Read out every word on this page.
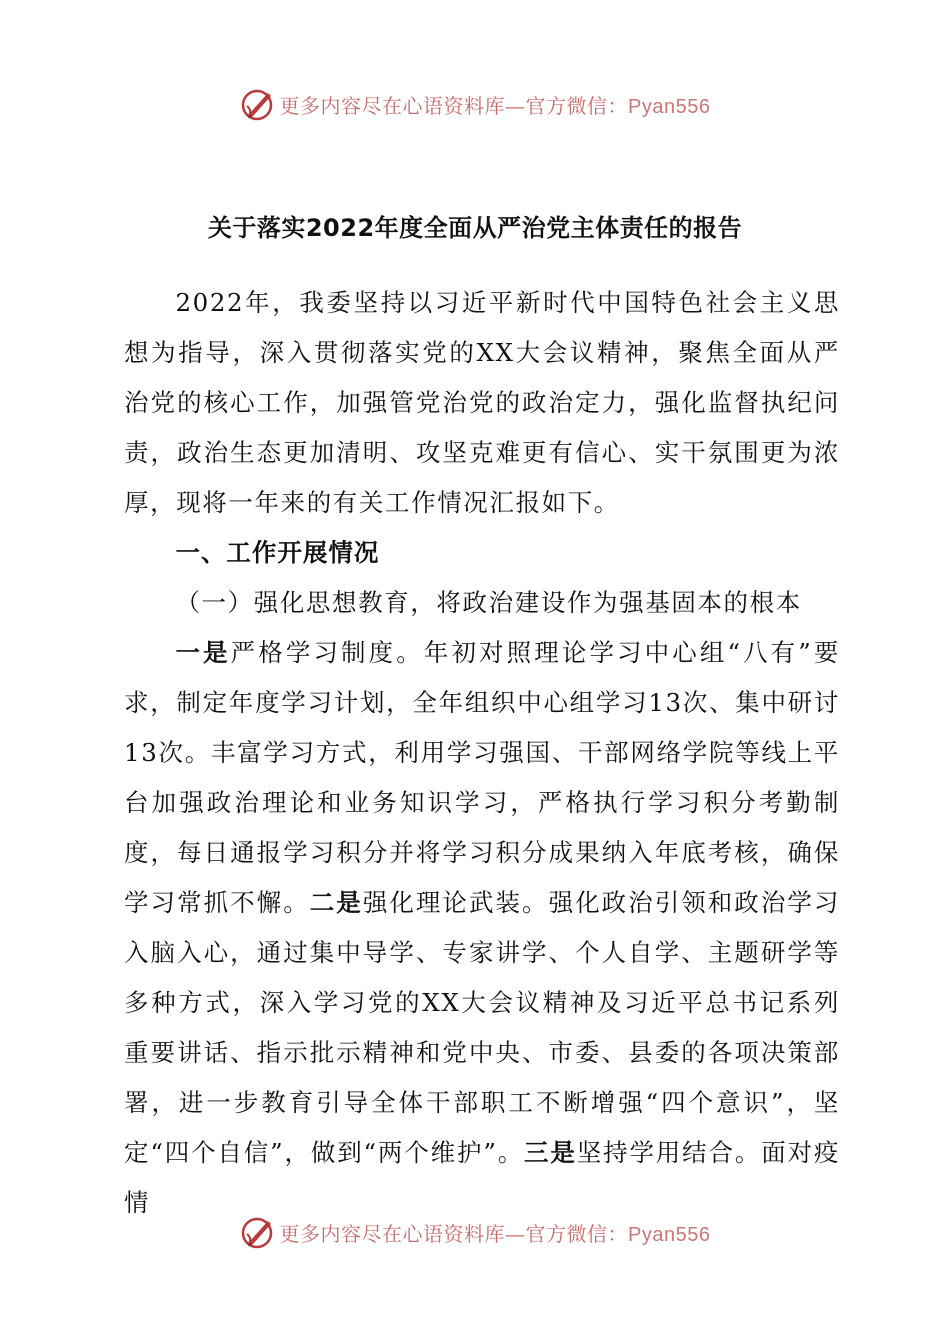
更多内容尽在心语资料库—官方微信：Pyan556
关于落实2022年度全面从严治党主体责任的报告

2022年，我委坚持以习近平新时代中国特色社会主义思想为指导，深入贯彻落实党的XX大会议精神，聚焦全面从严治党的核心工作，加强管党治党的政治定力，强化监督执纪问责，政治生态更加清明、攻坚克难更有信心、实干氛围更为浓厚，现将一年来的有关工作情况汇报如下。

一、工作开展情况

（一）强化思想教育，将政治建设作为强基固本的根本

一是严格学习制度。年初对照理论学习中心组“八有”要求，制定年度学习计划，全年组织中心组学习13次、集中研讨13次。丰富学习方式，利用学习强国、干部网络学院等线上平台加强政治理论和业务知识学习，严格执行学习积分考勤制度，每日通报学习积分并将学习积分成果纳入年底考核，确保学习常抓不懈。二是强化理论武装。强化政治引领和政治学习入脑入心，通过集中导学、专家讲学、个人自学、主题研学等多种方式，深入学习党的XX大会议精神及习近平总书记系列重要讲话、指示批示精神和党中央、市委、县委的各项决策部署，进一步教育引导全体干部职工不断增强“四个意识”，坚定“四个自信”，做到“两个维护”。三是坚持学用结合。面对疫情

更多内容尽在心语资料库—官方微信：Pyan556
